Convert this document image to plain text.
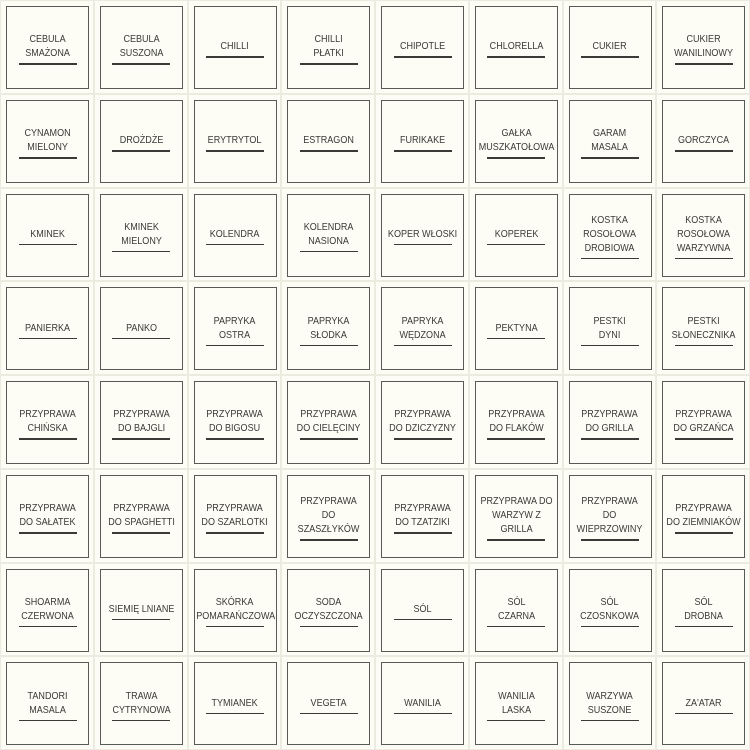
CEBULA
SMAŻONA
CEBULA
SUSZONA
CHILLI
CHILLI
PŁATKI
CHIPOTLE	CHLORELLA	CUKIER
CUKIER
WANILINOWY
CYNAMON
MIELONY
DROŻDŻE	ERYTRYTOL	ESTRAGON	FURIKAKE
GAŁKA
MUSZKATOŁOWA
GARAM
MASALA
GORCZYCA
KMINEK
KMINEK
MIELONY
KOLENDRA
KOLENDRA
NASIONA
KOPER WŁOSKI	KOPEREK
KOSTKA
ROSOŁOWA
DROBIOWA
KOSTKA
ROSOŁOWA
WARZYWNA
PANIERKA	PANKO
PAPRYKA
OSTRA
PAPRYKA
SŁODKA
PAPRYKA
WĘDZONA
PEKTYNA
PESTKI
DYNI
PESTKI
SŁONECZNIKA
PRZYPRAWA
CHIŃSKA
PRZYPRAWA
DO BAJGLI
PRZYPRAWA
DO BIGOSU
PRZYPRAWA
DO CIELĘCINY
PRZYPRAWA
DO DZICZYZNY
PRZYPRAWA
DO FLAKÓW
PRZYPRAWA
DO GRILLA
PRZYPRAWA
DO GRZAŃCA
PRZYPRAWA
DO SAŁATEK
PRZYPRAWA
DO SPAGHETTI
PRZYPRAWA
DO SZARLOTKI
PRZYPRAWA
DO SZASZŁYKÓW
PRZYPRAWA
DO TZATZIKI
PRZYPRAWA DO
WARZYW Z GRILLA
PRZYPRAWA
DO WIEPRZOWINY
PRZYPRAWA
DO ZIEMNIAKÓW
SHOARMA
CZERWONA
SIEMIĘ LNIANE
SKÓRKA
POMARAŃCZOWA
SODA
OCZYSZCZONA
SÓL
SÓL
CZARNA
SÓL
CZOSNKOWA
SÓL
DROBNA
TANDORI
MASALA
TRAWA
CYTRYNOWA
TYMIANEK	VEGETA	WANILIA
WANILIA
LASKA
WARZYWA
SUSZONE
ZA'ATAR
